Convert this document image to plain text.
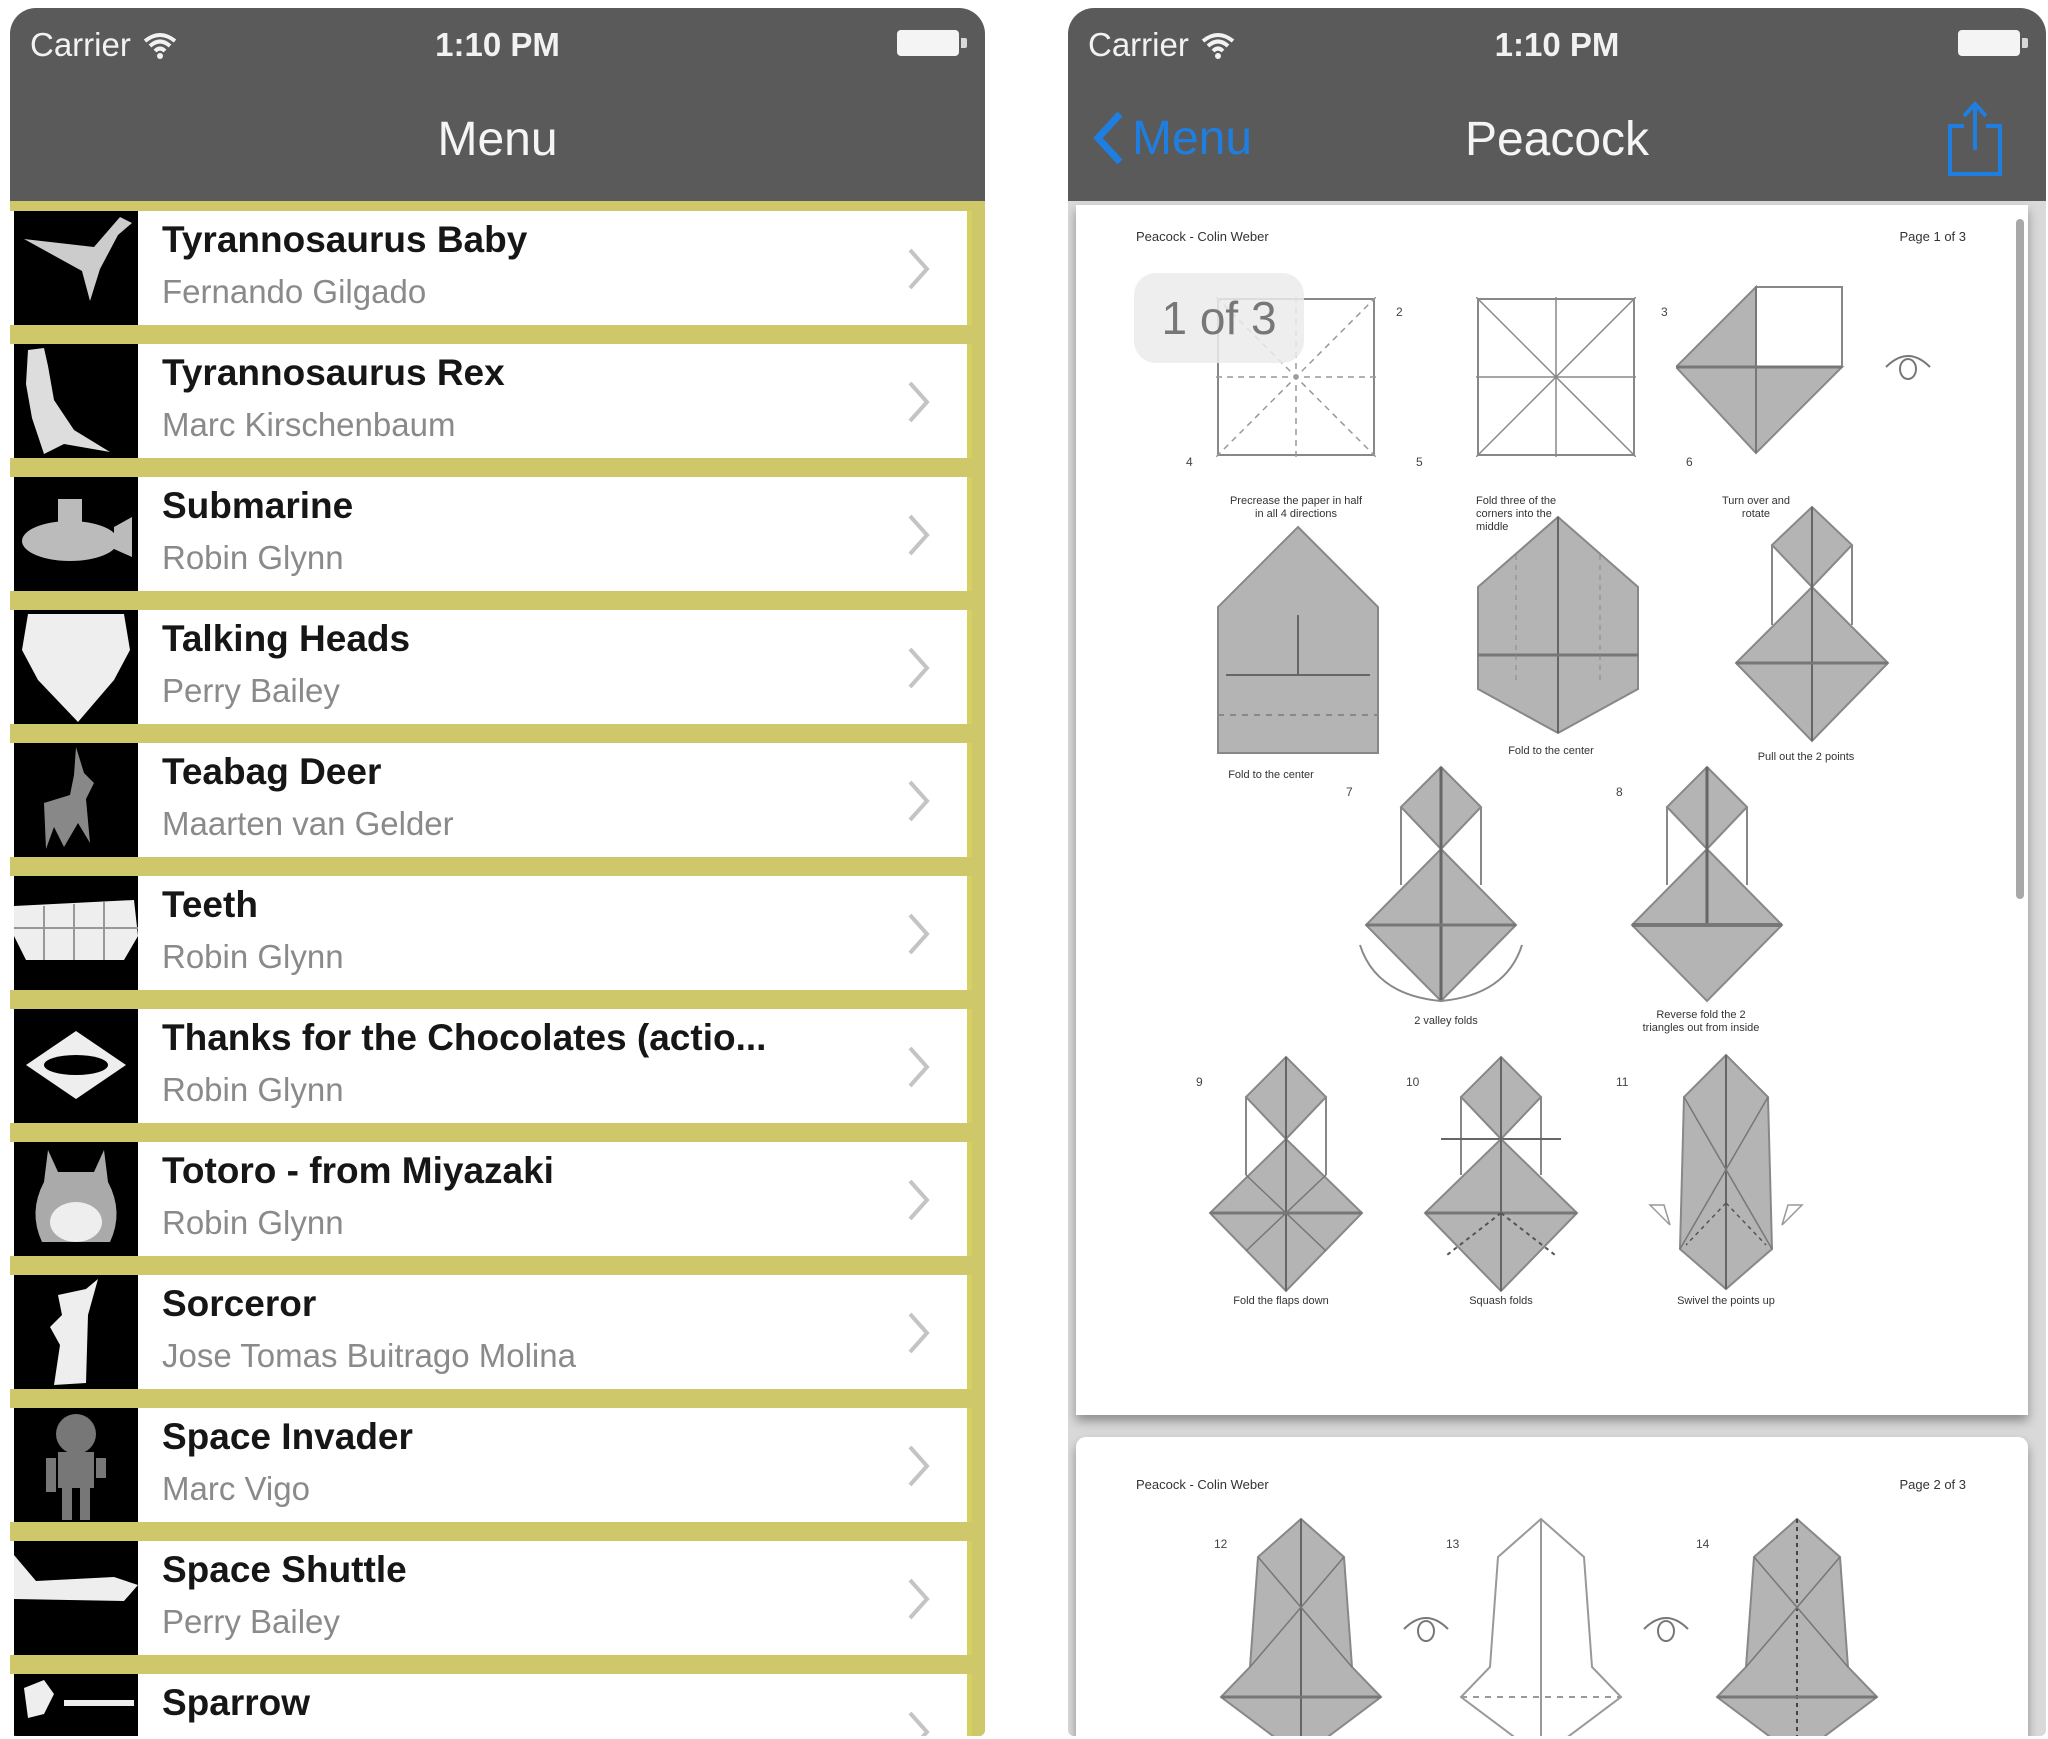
Carrier	1:10 PM
Menu
Tyrannosaurus Baby
Fernando Gilgado
Tyrannosaurus Rex
Marc Kirschenbaum
Submarine
Robin Glynn
Talking Heads
Perry Bailey
Teabag Deer
Maarten van Gelder
Teeth
Robin Glynn
Thanks for the Chocolates (actio...
Robin Glynn
Totoro - from Miyazaki
Robin Glynn
Sorceror
Jose Tomas Buitrago Molina
Space Invader
Marc Vigo
Space Shuttle
Perry Bailey
Sparrow
Carrier	1:10 PM
Menu	Peacock
Peacock - Colin Weber	Page 1 of 3
2
Precrease the paper in half in all 4 directions
3
Fold three of the corners into the middle
Turn over and rotate
4
Fold to the center
5
Fold to the center
6
Pull out the 2 points
7
2 valley folds
8
Reverse fold the 2 triangles out from inside
9
Fold the flaps down
10
Squash folds
11
Swivel the points up
1 of 3
Peacock - Colin Weber	Page 2 of 3
12	13	14
